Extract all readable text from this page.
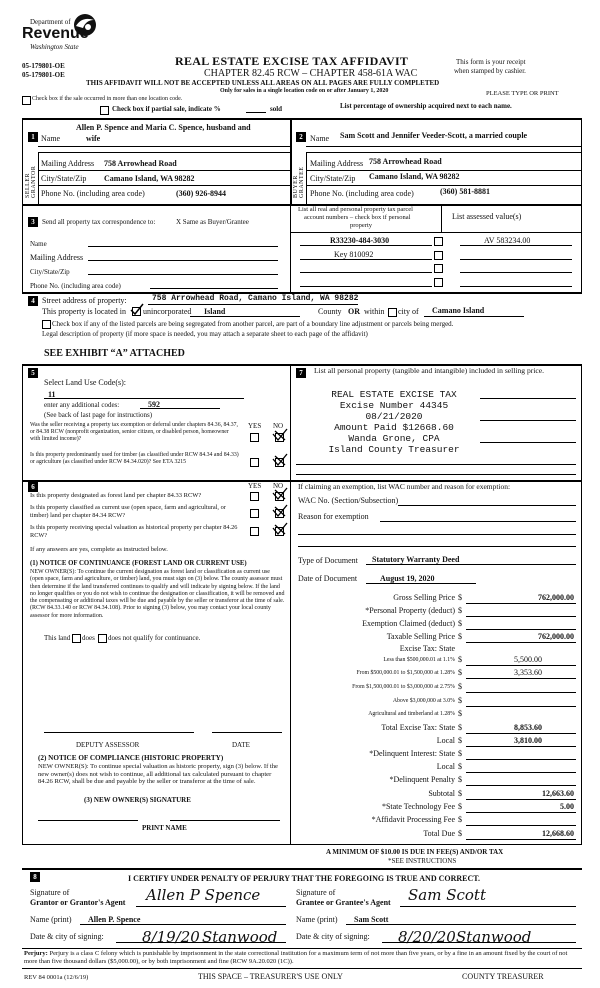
Department of
Revenue
Washington State
05-179801-OE
05-179801-OE
REAL ESTATE EXCISE TAX AFFIDAVIT
CHAPTER 82.45 RCW – CHAPTER 458-61A WAC
THIS AFFIDAVIT WILL NOT BE ACCEPTED UNLESS ALL AREAS ON ALL PAGES ARE FULLY COMPLETED
Only for sales in a single location code on or after January 1, 2020
This form is your receipt
when stamped by cashier.
PLEASE TYPE OR PRINT
Check box if the sale occurred in more than one location code.
Check box if partial sale, indicate %	sold	List percentage of ownership acquired next to each name.
1
SELLER GRANTOR
Name
Allen P. Spence and Maria C. Spence, husband and
wife
Mailing Address 758 Arrowhead Road
City/State/Zip Camano Island, WA 98282
Phone No. (including area code)	(360) 926-8944
2
BUYER GRANTEE
Name Sam Scott and Jennifer Veeder-Scott, a married couple
Mailing Address 758 Arrowhead Road
City/State/Zip Camano Island, WA 98282
Phone No. (including area code)	(360) 581-8881
3	Send all property tax correspondence to:	X Same as Buyer/Grantee
Name
Mailing Address
City/State/Zip
Phone No. (including area code)
List all real and personal property tax parcel
account numbers – check box if personal
property
List assessed value(s)
R33230-484-3030	AV 583234.00
Key 810092
4 Street address of property:	758 Arrowhead Road, Camano Island, WA 98282
This property is located in unincorporated Island	County OR within city of Camano Island
Check box if any of the listed parcels are being segregated from another parcel, are part of a boundary line adjustment or parcels being merged.
Legal description of property (if more space is needed, you may attach a separate sheet to each page of the affidavit)
SEE EXHIBIT “A” ATTACHED
5
Select Land Use Code(s):
11
enter any additional codes:	592
(See back of last page for instructions)
YES NO
Was the seller receiving a property tax exemption or deferral under chapters 84.36, 84.37, or 84.38 RCW (nonprofit organization, senior citizen, or disabled person, homeowner with limited income)?
Is this property predominantly used for timber (as classified under RCW 84.34 and 84.33) or agriculture (as classified under RCW 84.34.020)? See ETA 3215
6	YES NO
Is this property designated as forest land per chapter 84.33 RCW?
Is this property classified as current use (open space, farm and agricultural, or timber) land per chapter 84.34 RCW?
Is this property receiving special valuation as historical property per chapter 84.26 RCW?
If any answers are yes, complete as instructed below.
(1) NOTICE OF CONTINUANCE (FOREST LAND OR CURRENT USE)
NEW OWNER(S): To continue the current designation as forest land or classification as current use (open space, farm and agriculture, or timber) land, you must sign on (3) below. The county assessor must then determine if the land transferred continues to qualify and will indicate by signing below. If the land no longer qualifies or you do not wish to continue the designation or classification, it will be removed and the compensating or additional taxes will be due and payable by the seller or transferor at the time of sale. (RCW 84.33.140 or RCW 84.34.108). Prior to signing (3) below, you may contact your local county assessor for more information.
This land does does not qualify for continuance.
DEPUTY ASSESSOR	DATE
(2) NOTICE OF COMPLIANCE (HISTORIC PROPERTY)
NEW OWNER(S): To continue special valuation as historic property, sign (3) below. If the new owner(s) does not wish to continue, all additional tax calculated pursuant to chapter 84.26 RCW, shall be due and payable by the seller or transferor at the time of sale.
(3) NEW OWNER(S) SIGNATURE
PRINT NAME
7	List all personal property (tangible and intangible) included in selling price.
REAL ESTATE EXCISE TAX
Excise Number 44345
08/21/2020
Amount Paid $12668.60
Wanda Grone, CPA
Island County Treasurer
If claiming an exemption, list WAC number and reason for exemption:
WAC No. (Section/Subsection)
Reason for exemption
Type of Document Statutory Warranty Deed
Date of Document	August 19, 2020
Gross Selling Price $	762,000.00
*Personal Property (deduct) $
Exemption Claimed (deduct) $
Taxable Selling Price $	762,000.00
Excise Tax: State
Less than $500,000.01 at 1.1% $	5,500.00
From $500,000.01 to $1,500,000 at 1.28% $	3,353.60
From $1,500,000.01 to $3,000,000 at 2.75% $
Above $3,000,000 at 3.0% $
Agricultural and timberland at 1.28% $
Total Excise Tax: State $	8,853.60
Local $	3,810.00
*Delinquent Interest: State $
Local $
*Delinquent Penalty $
Subtotal $	12,663.60
*State Technology Fee $	5.00
*Affidavit Processing Fee $
Total Due $	12,668.60
A MINIMUM OF $10.00 IS DUE IN FEE(S) AND/OR TAX
*SEE INSTRUCTIONS
8	I CERTIFY UNDER PENALTY OF PERJURY THAT THE FOREGOING IS TRUE AND CORRECT.
Signature of
Grantor or Grantor's Agent Allen P Spence
Name (print) Allen P. Spence
Date & city of signing:	8/19/20 Stanwood
Signature of
Grantee or Grantee's Agent Sam Scott
Name (print) Sam Scott
Date & city of signing: 8/20/20 Stanwood
Perjury: Perjury is a class C felony which is punishable by imprisonment in the state correctional institution for a maximum term of not more than five years, or by a fine in an amount fixed by the court of not more than five thousand dollars ($5,000.00), or by both imprisonment and fine (RCW 9A.20.020 (1C)).
REV 84 0001a (12/6/19)	THIS SPACE – TREASURER'S USE ONLY	COUNTY TREASURER
